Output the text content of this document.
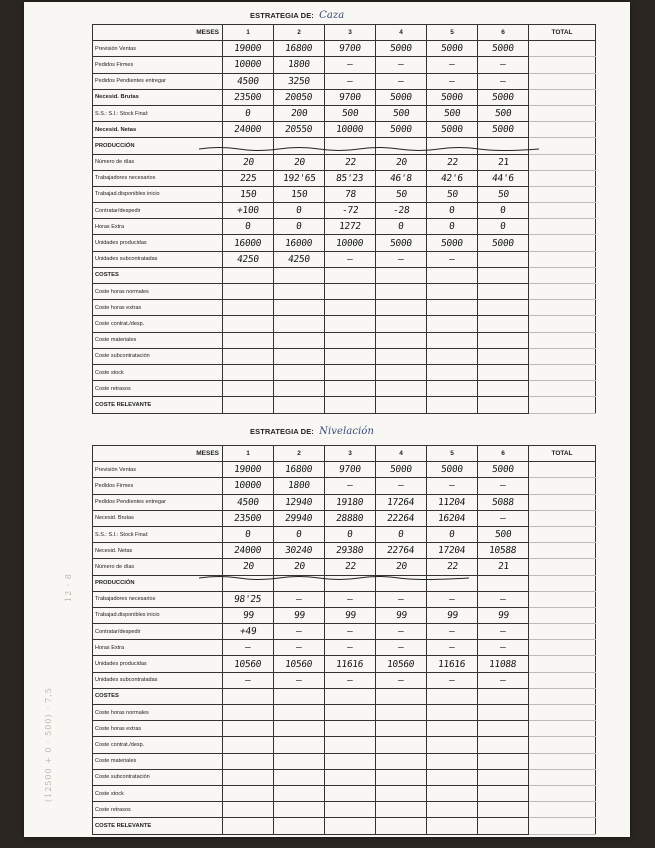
ESTRATEGIA DE: Caza
MESES	1	2	3	4	5	6	TOTAL
Previsión Ventas	19000	16800	9700	5000	5000	5000	
Pedidos Firmes	10000	1800	—	—	—	—	
Pedidos Pendientes entregar	4500	3250	—	—	—	—	
Necesid. Brutas	23500	20050	9700	5000	5000	5000	
S.S.: S.I.: Stock Final:	0	200	500	500	500	500	
Necesid. Netas	24000	20550	10000	5000	5000	5000	
PRODUCCIÓN							
Número de días	20	20	22	20	22	21	
Trabajadores necesarios	225	192'65	85'23	46'8	42'6	44'6	
Trabajad.disponibles inicio	150	150	78	50	50	50	
Contratar/despedir	+100	0	-72	-28	0	0	
Horas Extra	0	0	1272	0	0	0	
Unidades producidas	16000	16000	10000	5000	5000	5000	
Unidades subcontratadas	4250	4250	—	—	—		
COSTES							
Coste horas normales							
Coste horas extras							
Coste contrat./desp.							
Coste materiales							
Coste subcontratación							
Coste stock							
Coste retrasos							
COSTE RELEVANTE							
ESTRATEGIA DE: Nivelación
MESES	1	2	3	4	5	6	TOTAL
Previsión Ventas	19000	16800	9700	5000	5000	5000	
Pedidos Firmes	10000	1800	—	—	—	—	
Pedidos Pendientes entregar	4500	12940	19180	17264	11204	5088	
Necesid. Brutas	23500	29940	28880	22264	16204	—	
S.S.: S.I.: Stock Final:	0	0	0	0	0	500	
Necesid. Netas	24000	30240	29380	22764	17204	10588	
Número de días	20	20	22	20	22	21	
PRODUCCIÓN							
Trabajadores necesarios	98'25	—	—	—	—	—	
Trabajad.disponibles inicio	99	99	99	99	99	99	
Contratar/despedir	+49	—	—	—	—	—	
Horas Extra	—	—	—	—	—	—	
Unidades producidas	10560	10560	11616	10560	11616	11088	
Unidades subcontratadas	—	—	—	—	—	—	
COSTES							
Coste horas normales							
Coste horas extras							
Coste contrat./desp.							
Coste materiales							
Coste subcontratación							
Coste stock							
Coste retrasos							
COSTE RELEVANTE							
(12500 + 0 · 500) · 7,5
12 · 8
